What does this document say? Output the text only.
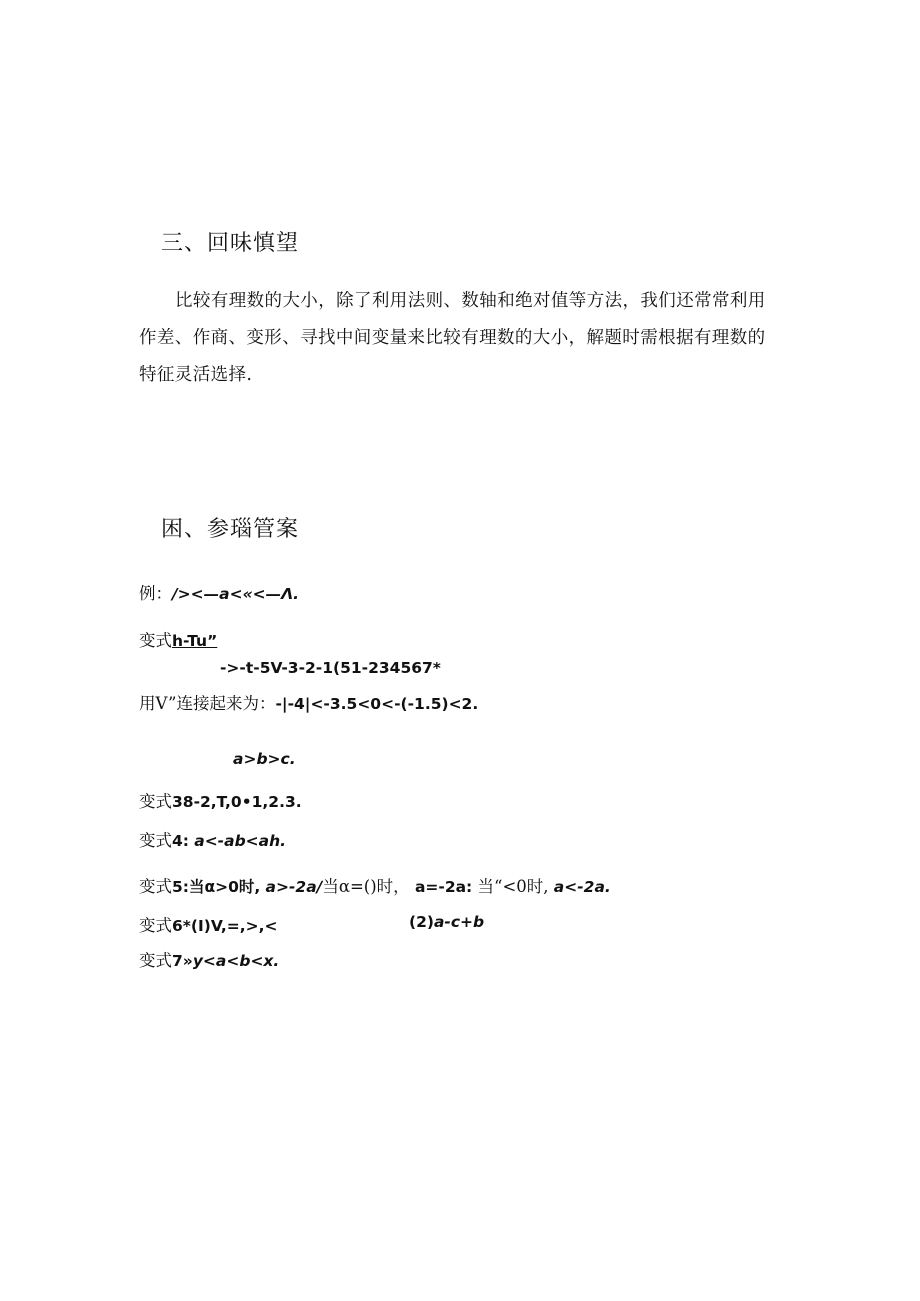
三、回味慎望
比较有理数的大小，除了利用法则、数轴和绝对值等方法，我们还常常利用作差、作商、变形、寻找中间变量来比较有理数的大小，解题时需根据有理数的特征灵活选择.
困、参瑙管案
例：/><—a<«<—Λ.
变式h-Tu”
->-t-5V-3-2-1(51-234567*
用V”连接起来为：-|-4|<-3.5<0<-(-1.5)<2.
a>b>c.
变式38-2,T,0•1,2.3.
变式4: a<-ab<ah.
变式5:当α>0时, a>-2a∕当α=()时， a=-2a: 当“<0时, a<-2a.
变式6*(I)V,=,>,<	(2)a-c+b
变式7»y<a<b<x.
